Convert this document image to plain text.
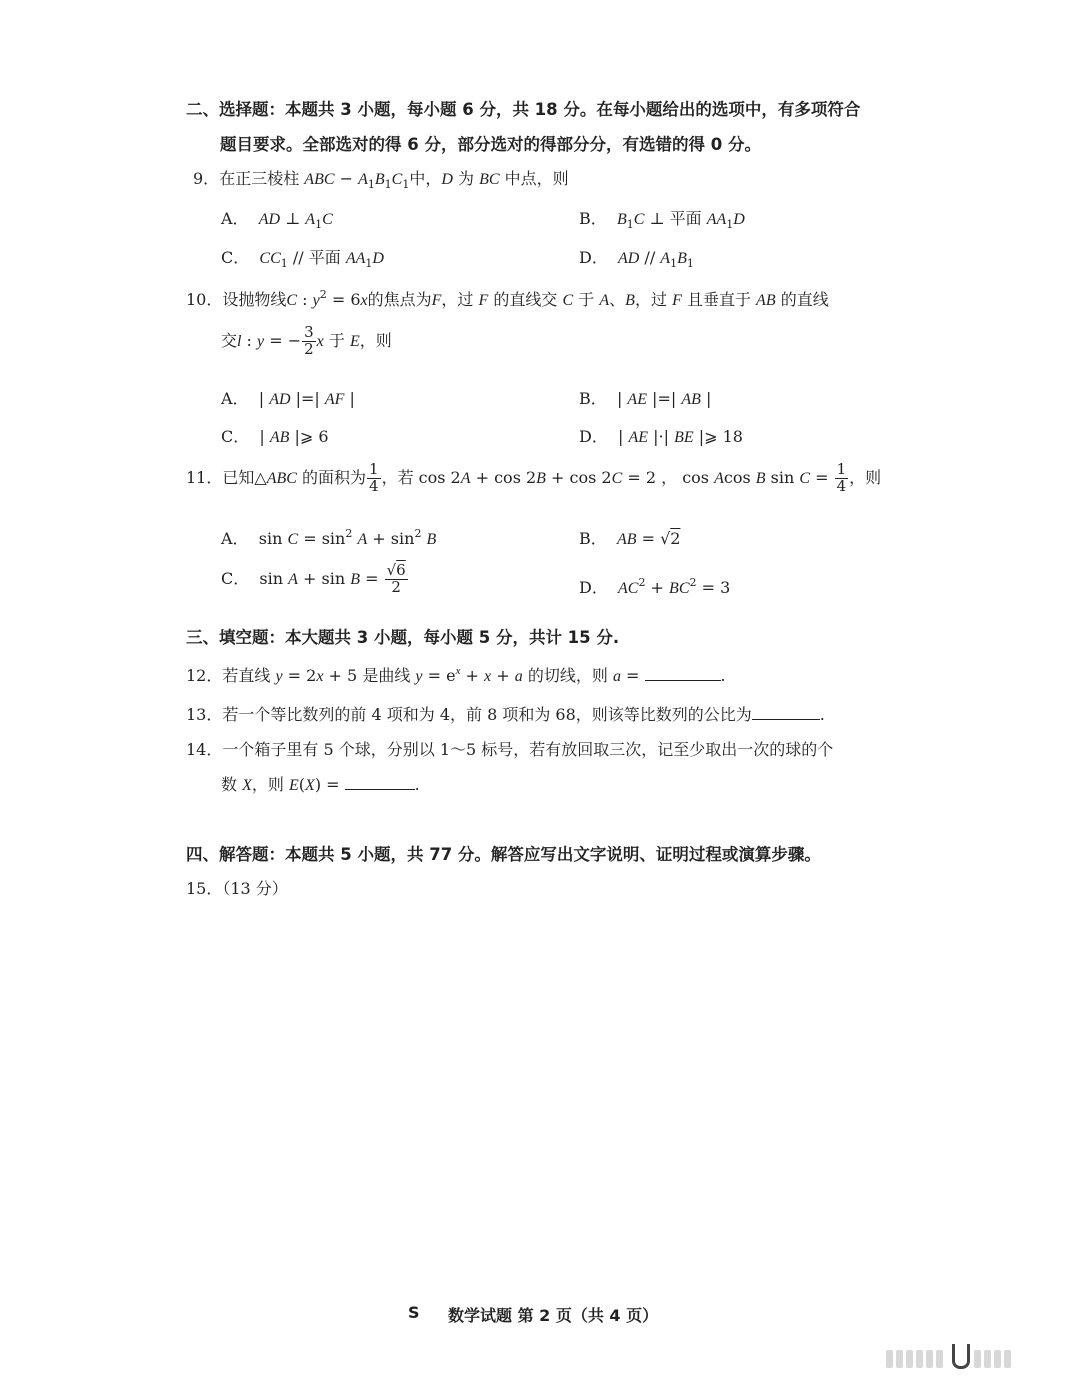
二、选择题：本题共 3 小题，每小题 6 分，共 18 分。在每小题给出的选项中，有多项符合
题目要求。全部选对的得 6 分，部分选对的得部分分，有选错的得 0 分。
9．在正三棱柱 ABC − $A_1B_1C_1$中，D 为 BC 中点，则
A． AD ⊥ $A_1C$	B． $B_1C$ ⊥ 平面 $AA_1D$
C． $CC_1$ // 平面 $AA_1D$	D． AD // $A_1B_1$
10．设抛物线C : $y^2 = 6x$的焦点为F，过 F 的直线交 C 于 A、B，过 F 且垂直于 AB 的直线
交l : y = − $\frac{3}{2}$ x 于 E，则
A．  | AD |=| AF |	B．  | AE |=| AB |
C．  | AB |⩾ 6	D．  | AE |·| BE |⩾ 18
11．已知△ABC 的面积为 $\frac{1}{4}$ ，若 cos 2A + cos 2B + cos 2C = 2 ， cos Acos B $\sin C = \frac{1}{4}$ ，则
A．  $\sin C = \sin^2 A + \sin^2 B$	B． AB = √2
C．  $\sin A + \sin B = \frac{√6}{2}$	D． $AC^2 + BC^2 = 3$
三、填空题：本大题共 3 小题，每小题 5 分，共计 15 分.
12．若直线 y = 2x + 5 是曲线 $y = e^x + x + a$ 的切线，则 a =	.
13．若一个等比数列的前 4 项和为 4，前 8 项和为 68，则该等比数列的公比为	.
14．一个箱子里有 5 个球，分别以 1～5 标号，若有放回取三次，记至少取出一次的球的个
数 X，则 E(X) =	.
四、解答题：本题共 5 小题，共 77 分。解答应写出文字说明、证明过程或演算步骤。
15．（13 分）
S 数学试题 第 2 页（共 4 页）
